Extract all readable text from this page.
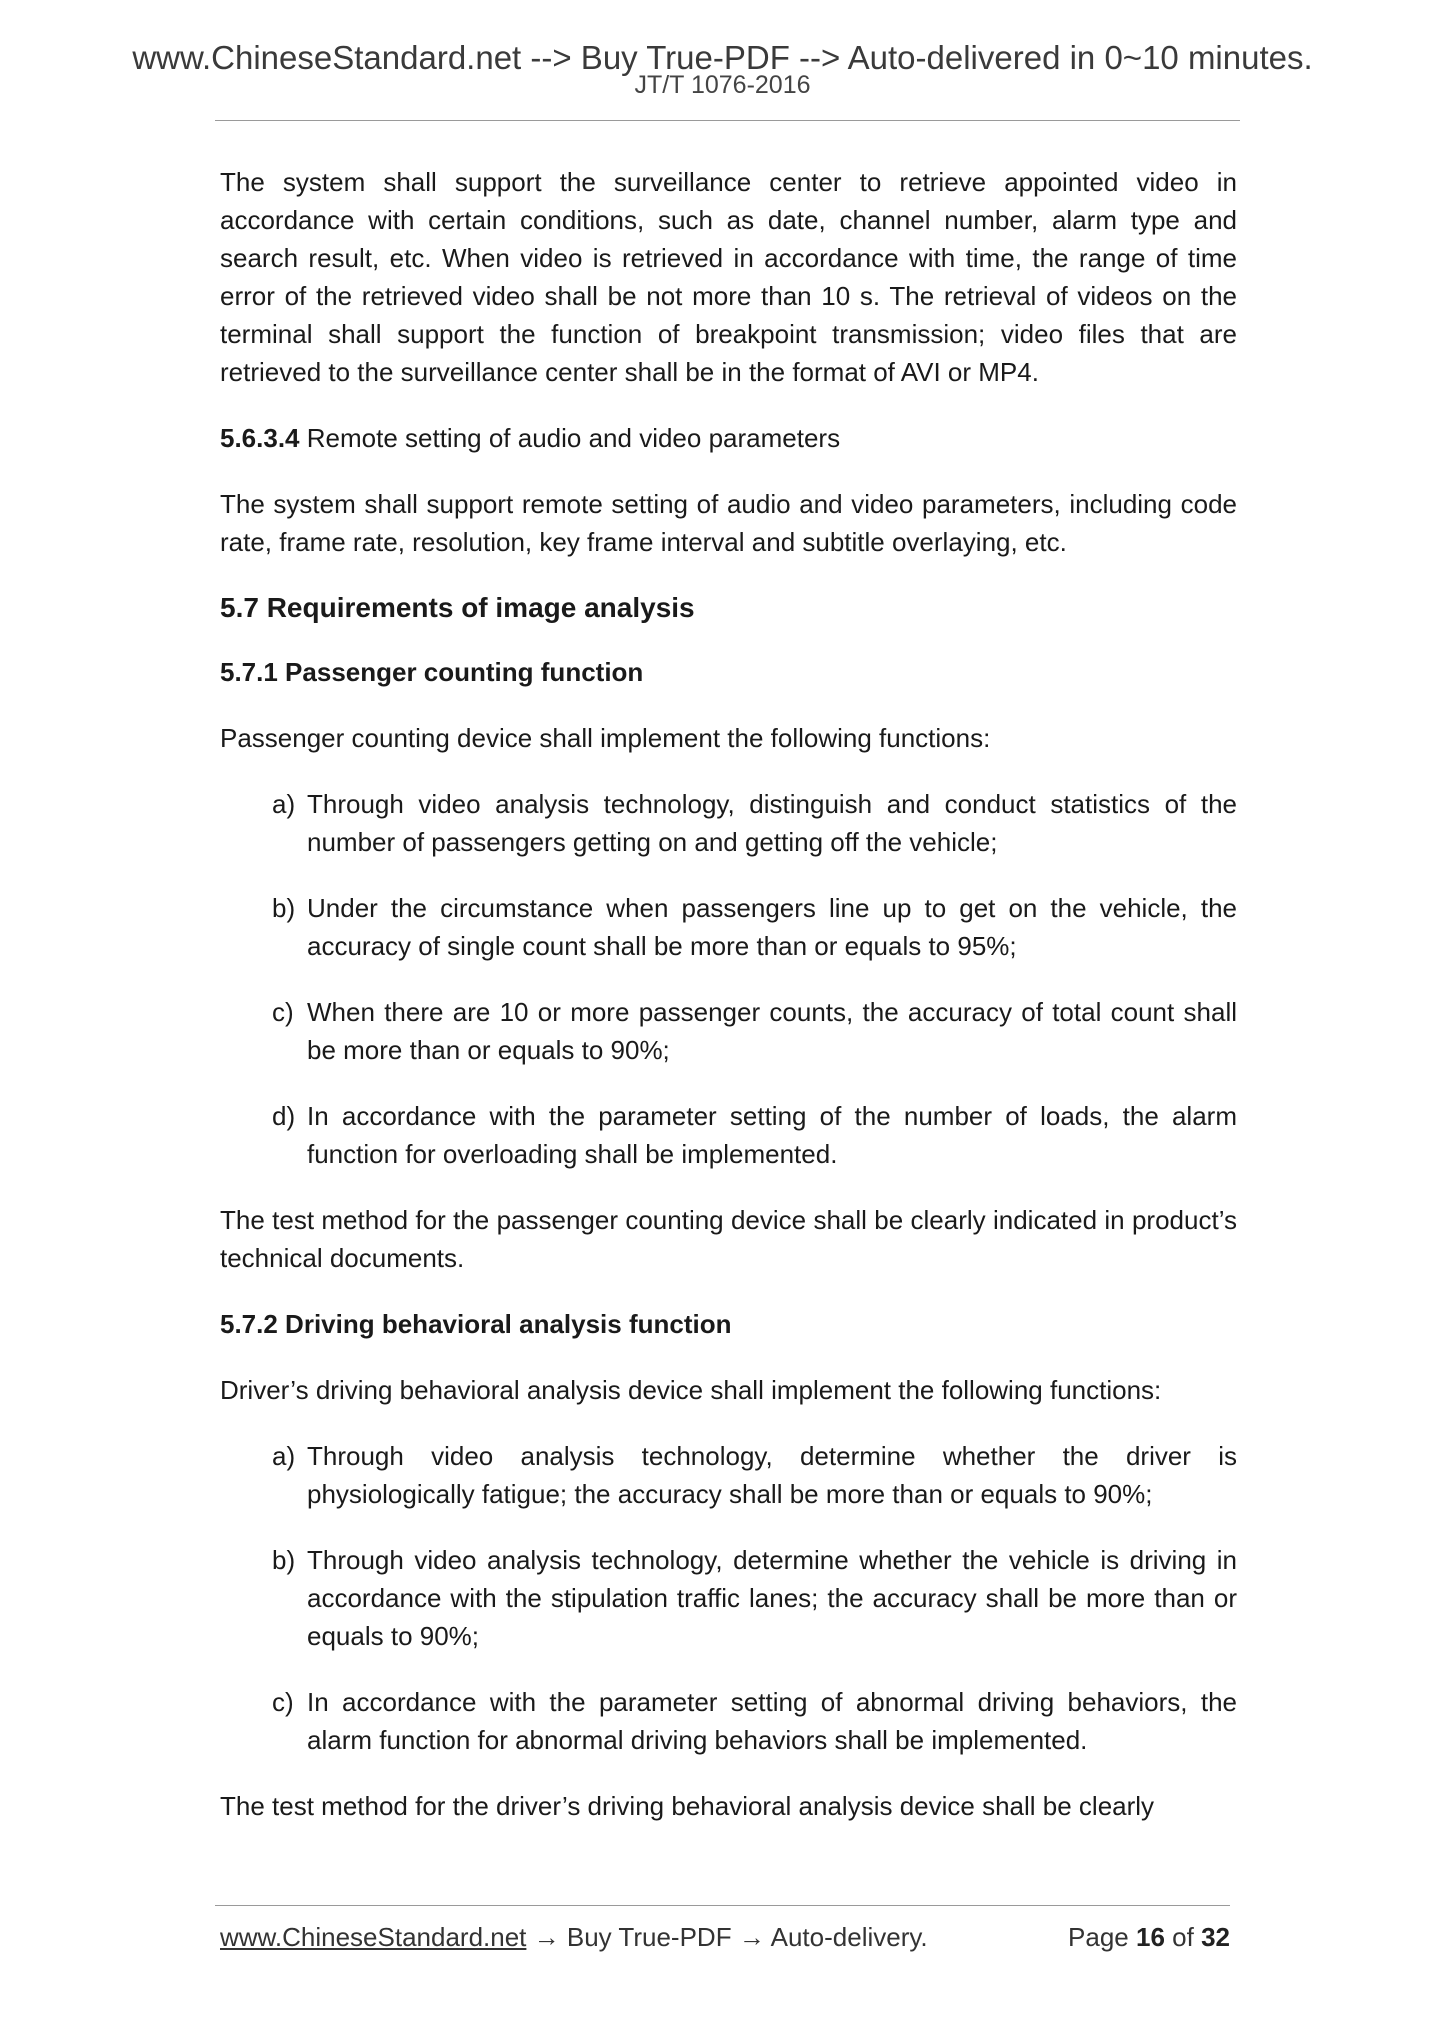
www.ChineseStandard.net --> Buy True-PDF --> Auto-delivered in 0~10 minutes.
JT/T 1076-2016

The system shall support the surveillance center to retrieve appointed video in accordance with certain conditions, such as date, channel number, alarm type and search result, etc. When video is retrieved in accordance with time, the range of time error of the retrieved video shall be not more than 10 s. The retrieval of videos on the terminal shall support the function of breakpoint transmission; video files that are retrieved to the surveillance center shall be in the format of AVI or MP4.

5.6.3.4 Remote setting of audio and video parameters

The system shall support remote setting of audio and video parameters, including code rate, frame rate, resolution, key frame interval and subtitle overlaying, etc.

5.7 Requirements of image analysis
5.7.1 Passenger counting function

Passenger counting device shall implement the following functions:

a) Through video analysis technology, distinguish and conduct statistics of the number of passengers getting on and getting off the vehicle;
b) Under the circumstance when passengers line up to get on the vehicle, the accuracy of single count shall be more than or equals to 95%;
c) When there are 10 or more passenger counts, the accuracy of total count shall be more than or equals to 90%;
d) In accordance with the parameter setting of the number of loads, the alarm function for overloading shall be implemented.

The test method for the passenger counting device shall be clearly indicated in product’s technical documents.

5.7.2 Driving behavioral analysis function

Driver’s driving behavioral analysis device shall implement the following functions:

a) Through video analysis technology, determine whether the driver is physiologically fatigue; the accuracy shall be more than or equals to 90%;
b) Through video analysis technology, determine whether the vehicle is driving in accordance with the stipulation traffic lanes; the accuracy shall be more than or equals to 90%;
c) In accordance with the parameter setting of abnormal driving behaviors, the alarm function for abnormal driving behaviors shall be implemented.

The test method for the driver’s driving behavioral analysis device shall be clearly

www.ChineseStandard.net → Buy True-PDF → Auto-delivery.	Page 16 of 32
